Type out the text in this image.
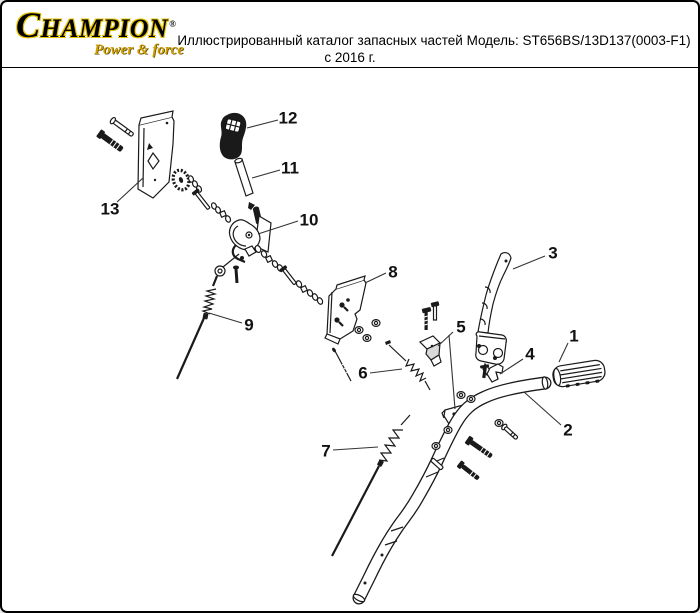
CHAMPION®
Power & force
Иллюстрированный каталог запасных частей Модель: ST656BS/13D137(0003-F1)
с 2016 г.
1
2
3
4
5
6
7
8
9
10
11
12
13
